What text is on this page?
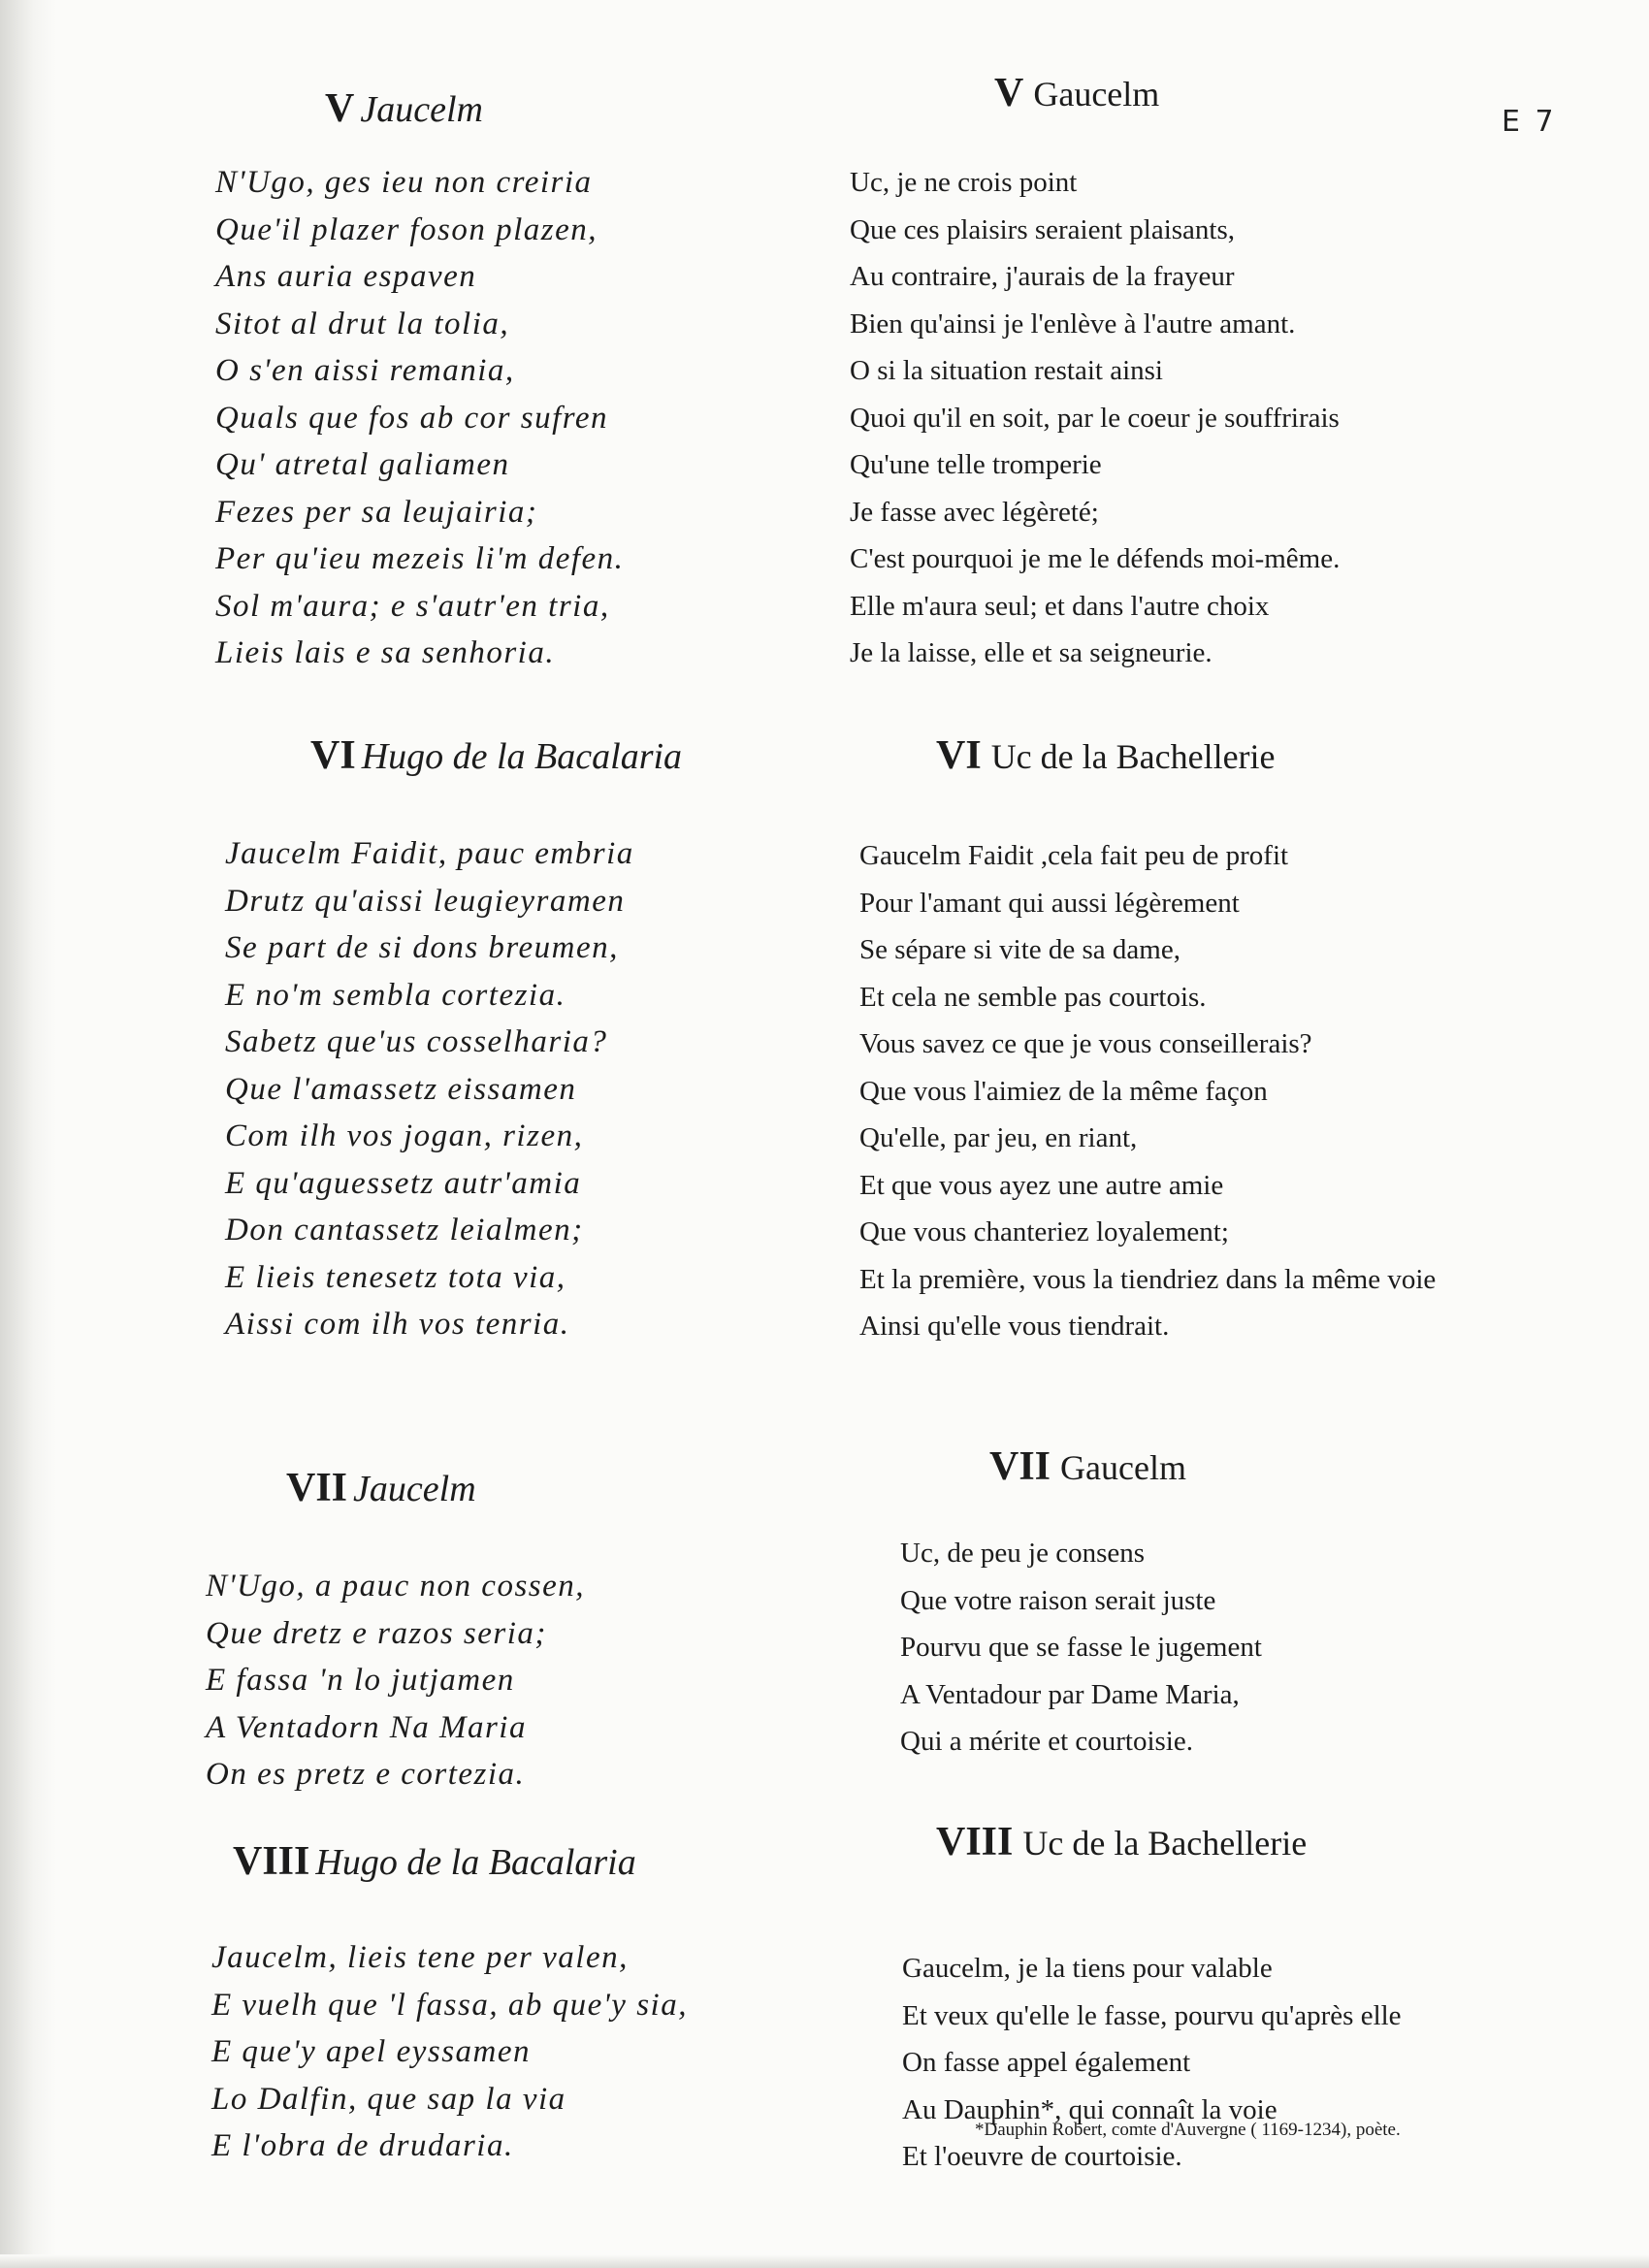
E 7
V Jaucelm	V Gaucelm
N'Ugo, ges ieu non creiria
Que'il plazer foson plazen,
Ans auria espaven
Sitot al drut la tolia,
O s'en aissi remania,
Quals que fos ab cor sufren
Qu' atretal galiamen
Fezes per sa leujairia;
Per qu'ieu mezeis li'm defen.
Sol m'aura; e s'autr'en tria,
Lieis lais e sa senhoria.
Uc, je ne crois point
Que ces plaisirs seraient plaisants,
Au contraire, j'aurais de la frayeur
Bien qu'ainsi je l'enlève à l'autre amant.
O si la situation restait ainsi
Quoi qu'il en soit, par le coeur je souffrirais
Qu'une telle tromperie
Je fasse avec légèreté;
C'est pourquoi je me le défends moi-même.
Elle m'aura seul; et dans l'autre choix
Je la laisse, elle et sa seigneurie.
VI Hugo de la Bacalaria	VI Uc de la Bachellerie
Jaucelm Faidit, pauc embria
Drutz qu'aissi leugieyramen
Se part de si dons breumen,
E no'm sembla cortezia.
Sabetz que'us cosselharia?
Que l'amassetz eissamen
Com ilh vos jogan, rizen,
E qu'aguessetz autr'amia
Don cantassetz leialmen;
E lieis tenesetz tota via,
Aissi com ilh vos tenria.
Gaucelm Faidit ,cela fait peu de profit
Pour l'amant qui aussi légèrement
Se sépare si vite de sa dame,
Et cela ne semble pas courtois.
Vous savez ce que je vous conseillerais?
Que vous l'aimiez de la même façon
Qu'elle, par jeu, en riant,
Et que vous ayez une autre amie
Que vous chanteriez loyalement;
Et la première, vous la tiendriez dans la même voie
Ainsi qu'elle vous tiendrait.
VII Jaucelm	VII Gaucelm
N'Ugo, a pauc non cossen,
Que dretz e razos seria;
E fassa 'n lo jutjamen
A Ventadorn Na Maria
On es pretz e cortezia.
Uc, de peu je consens
Que votre raison serait juste
Pourvu que se fasse le jugement
A Ventadour par Dame Maria,
Qui a mérite et courtoisie.
VIII Hugo de la Bacalaria	VIII Uc de la Bachellerie
Jaucelm, lieis tene per valen,
E vuelh que 'l fassa, ab que'y sia,
E que'y apel eyssamen
Lo Dalfin, que sap la via
E l'obra de drudaria.
Gaucelm, je la tiens pour valable
Et veux qu'elle le fasse, pourvu qu'après elle
On fasse appel également
Au Dauphin*, qui connaît la voie
Et l'oeuvre de courtoisie.
*Dauphin Robert, comte d'Auvergne ( 1169-1234), poète.
